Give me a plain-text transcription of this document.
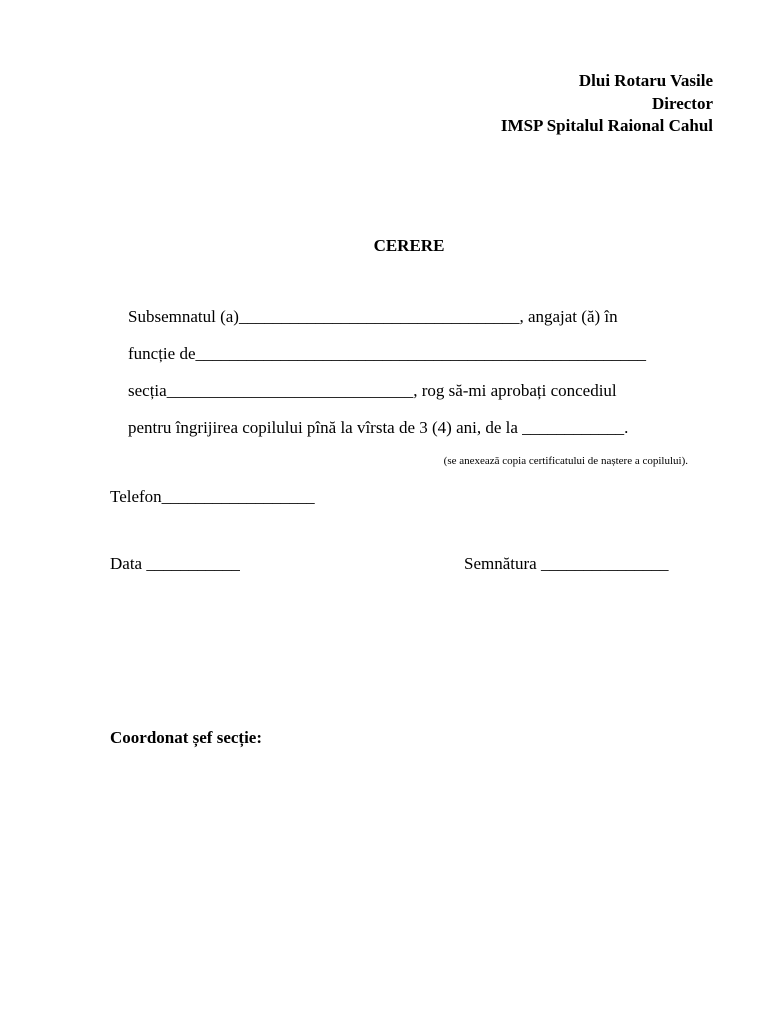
Dlui Rotaru Vasile
Director
IMSP Spitalul Raional Cahul
CERERE
Subsemnatul (a)_________________________________, angajat (ă) în
funcție de_____________________________________________________
secția_____________________________, rog să-mi aprobați concediul
pentru îngrijirea copilului pînă la vîrsta de 3 (4) ani, de la ____________.
(se anexează copia certificatului de naștere a copilului).
Telefon__________________
Data ___________	Semnătura _______________
Coordonat șef secție:
